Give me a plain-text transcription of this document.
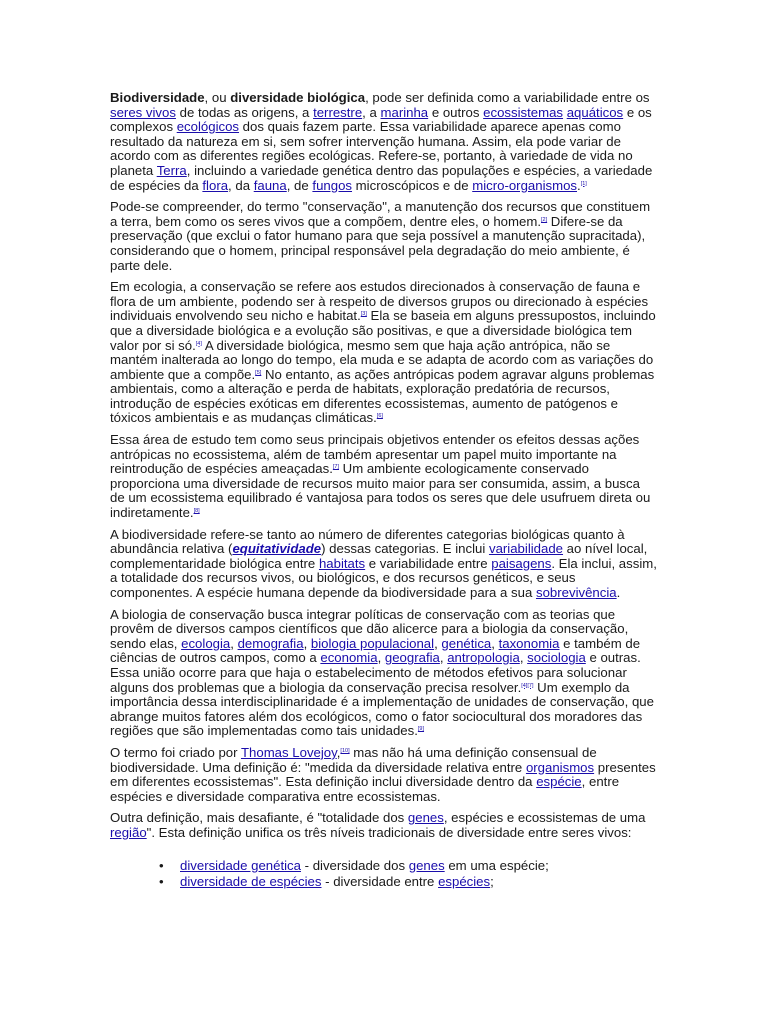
Biodiversidade, ou diversidade biológica, pode ser definida como a variabilidade entre os seres vivos de todas as origens, a terrestre, a marinha e outros ecossistemas aquáticos e os complexos ecológicos dos quais fazem parte. Essa variabilidade aparece apenas como resultado da natureza em si, sem sofrer intervenção humana. Assim, ela pode variar de acordo com as diferentes regiões ecológicas. Refere-se, portanto, à variedade de vida no planeta Terra, incluindo a variedade genética dentro das populações e espécies, a variedade de espécies da flora, da fauna, de fungos microscópicos e de micro-organismos.[1]

Pode-se compreender, do termo "conservação", a manutenção dos recursos que constituem a terra, bem como os seres vivos que a compõem, dentre eles, o homem.[2] Difere-se da preservação (que exclui o fator humano para que seja possível a manutenção supracitada), considerando que o homem, principal responsável pela degradação do meio ambiente, é parte dele.

Em ecologia, a conservação se refere aos estudos direcionados à conservação de fauna e flora de um ambiente, podendo ser à respeito de diversos grupos ou direcionado à espécies individuais envolvendo seu nicho e habitat.[3] Ela se baseia em alguns pressupostos, incluindo que a diversidade biológica e a evolução são positivas, e que a diversidade biológica tem valor por si só.[4] A diversidade biológica, mesmo sem que haja ação antrópica, não se mantém inalterada ao longo do tempo, ela muda e se adapta de acordo com as variações do ambiente que a compõe.[5] No entanto, as ações antrópicas podem agravar alguns problemas ambientais, como a alteração e perda de habitats, exploração predatória de recursos, introdução de espécies exóticas em diferentes ecossistemas, aumento de patógenos e tóxicos ambientais e as mudanças climáticas.[6]

Essa área de estudo tem como seus principais objetivos entender os efeitos dessas ações antrópicas no ecossistema, além de também apresentar um papel muito importante na reintrodução de espécies ameaçadas.[7] Um ambiente ecologicamente conservado proporciona uma diversidade de recursos muito maior para ser consumida, assim, a busca de um ecossistema equilibrado é vantajosa para todos os seres que dele usufruem direta ou indiretamente.[8]

A biodiversidade refere-se tanto ao número de diferentes categorias biológicas quanto à abundância relativa (equitatividade) dessas categorias. E inclui variabilidade ao nível local, complementaridade biológica entre habitats e variabilidade entre paisagens. Ela inclui, assim, a totalidade dos recursos vivos, ou biológicos, e dos recursos genéticos, e seus componentes. A espécie humana depende da biodiversidade para a sua sobrevivência.

A biologia de conservação busca integrar políticas de conservação com as teorias que provêm de diversos campos científicos que dão alicerce para a biologia da conservação, sendo elas, ecologia, demografia, biologia populacional, genética, taxonomia e também de ciências de outros campos, como a economia, geografia, antropologia, sociologia e outras. Essa união ocorre para que haja o estabelecimento de métodos efetivos para solucionar alguns dos problemas que a biologia da conservação precisa resolver.[4][7] Um exemplo da importância dessa interdisciplinaridade é a implementação de unidades de conservação, que abrange muitos fatores além dos ecológicos, como o fator sociocultural dos moradores das regiões que são implementadas como tais unidades.[9]

O termo foi criado por Thomas Lovejoy,[10] mas não há uma definição consensual de biodiversidade. Uma definição é: "medida da diversidade relativa entre organismos presentes em diferentes ecossistemas". Esta definição inclui diversidade dentro da espécie, entre espécies e diversidade comparativa entre ecossistemas.

Outra definição, mais desafiante, é "totalidade dos genes, espécies e ecossistemas de uma região". Esta definição unifica os três níveis tradicionais de diversidade entre seres vivos:

• diversidade genética - diversidade dos genes em uma espécie;
• diversidade de espécies - diversidade entre espécies;
